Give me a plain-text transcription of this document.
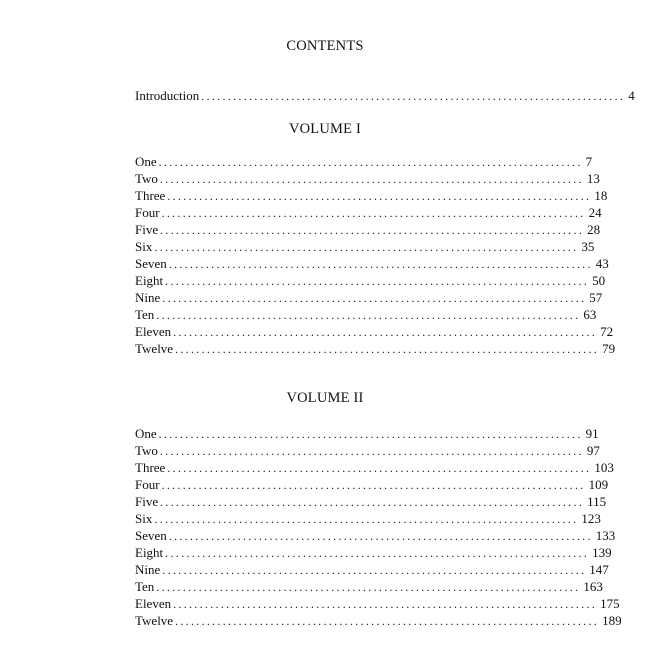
CONTENTS
Introduction ................................................................................ 4
VOLUME I
One ................................................................................ 7
Two ................................................................................ 13
Three ................................................................................ 18
Four ................................................................................ 24
Five ................................................................................ 28
Six ................................................................................ 35
Seven ................................................................................ 43
Eight ................................................................................ 50
Nine ................................................................................ 57
Ten ................................................................................ 63
Eleven ................................................................................ 72
Twelve ................................................................................ 79
VOLUME II
One ................................................................................ 91
Two ................................................................................ 97
Three ................................................................................ 103
Four ................................................................................ 109
Five ................................................................................ 115
Six ................................................................................ 123
Seven ................................................................................ 133
Eight ................................................................................ 139
Nine ................................................................................ 147
Ten ................................................................................ 163
Eleven ................................................................................ 175
Twelve ................................................................................ 189
